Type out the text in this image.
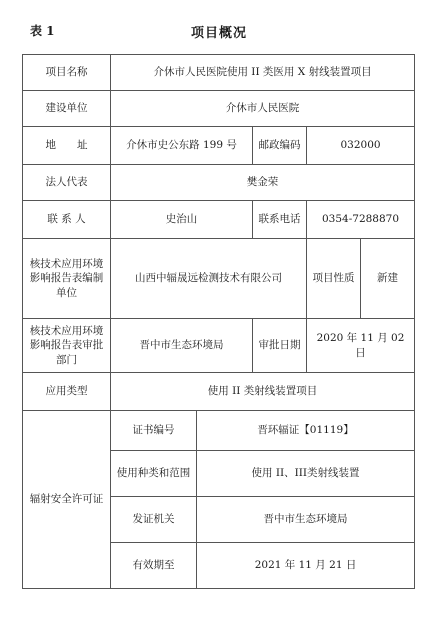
表 1	项目概况
项目名称	介休市人民医院使用 II 类医用 X 射线装置项目				
建设单位	介休市人民医院				
地　　址	介休市史公东路 199 号		邮政编码	032000	
法人代表	樊金荣				
联 系 人	史治山		联系电话	0354-7288870	
核技术应用环境影响报告表编制单位	山西中辐晟远检测技术有限公司			项目性质	新建
核技术应用环境影响报告表审批部门	晋中市生态环境局		审批日期	2020 年 11 月 02 日	
应用类型	使用 II 类射线装置项目				
辐射安全许可证	证书编号	晋环辐证【01119】			
	使用种类和范围	使用 II、III类射线装置			
	发证机关	晋中市生态环境局			
	有效期至	2021 年 11 月 21 日			
